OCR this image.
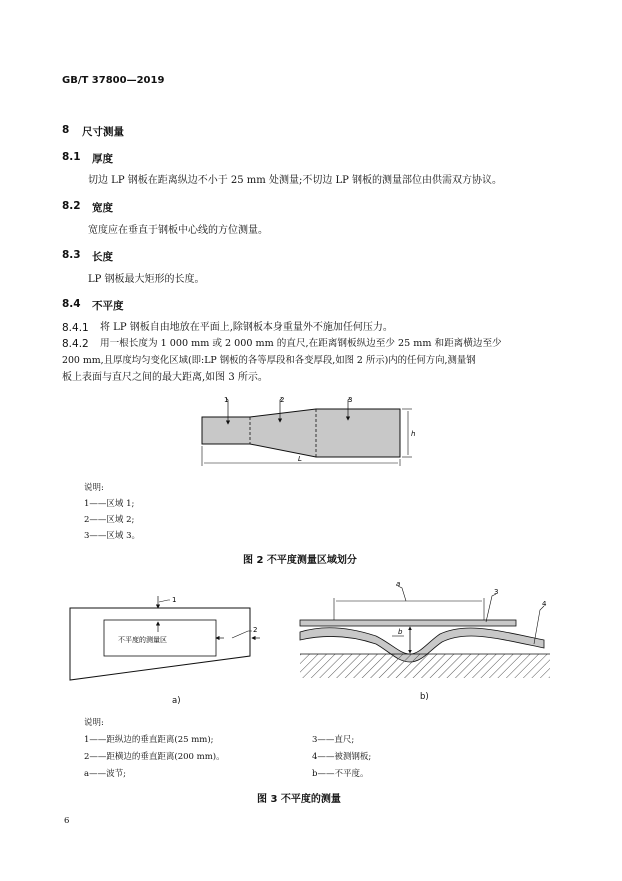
GB/T 37800—2019
8 尺寸测量
8.1 厚度
切边 LP 钢板在距离纵边不小于 25 mm 处测量;不切边 LP 钢板的测量部位由供需双方协议。
8.2 宽度
宽度应在垂直于钢板中心线的方位测量。
8.3 长度
LP 钢板最大矩形的长度。
8.4 不平度
8.4.1 将 LP 钢板自由地放在平面上,除钢板本身重量外不施加任何压力。
8.4.2 用一根长度为 1 000 mm 或 2 000 mm 的直尺,在距离钢板纵边至少 25 mm 和距离横边至少
200 mm,且厚度均匀变化区域(即:LP 钢板的各等厚段和各变厚段,如图 2 所示)内的任何方向,测量钢
板上表面与直尺之间的最大距离,如图 3 所示。
1	2	3
h
L
说明:
1——区域 1;
2——区域 2;
3——区域 3。
图 2 不平度测量区域划分
不平度的测量区
1
2
a)
a
3
4
b
b)
说明:
1——距纵边的垂直距离(25 mm);
2——距横边的垂直距离(200 mm)。
a——波节;
3——直尺;
4——被测钢板;
b——不平度。
图 3 不平度的测量
6
